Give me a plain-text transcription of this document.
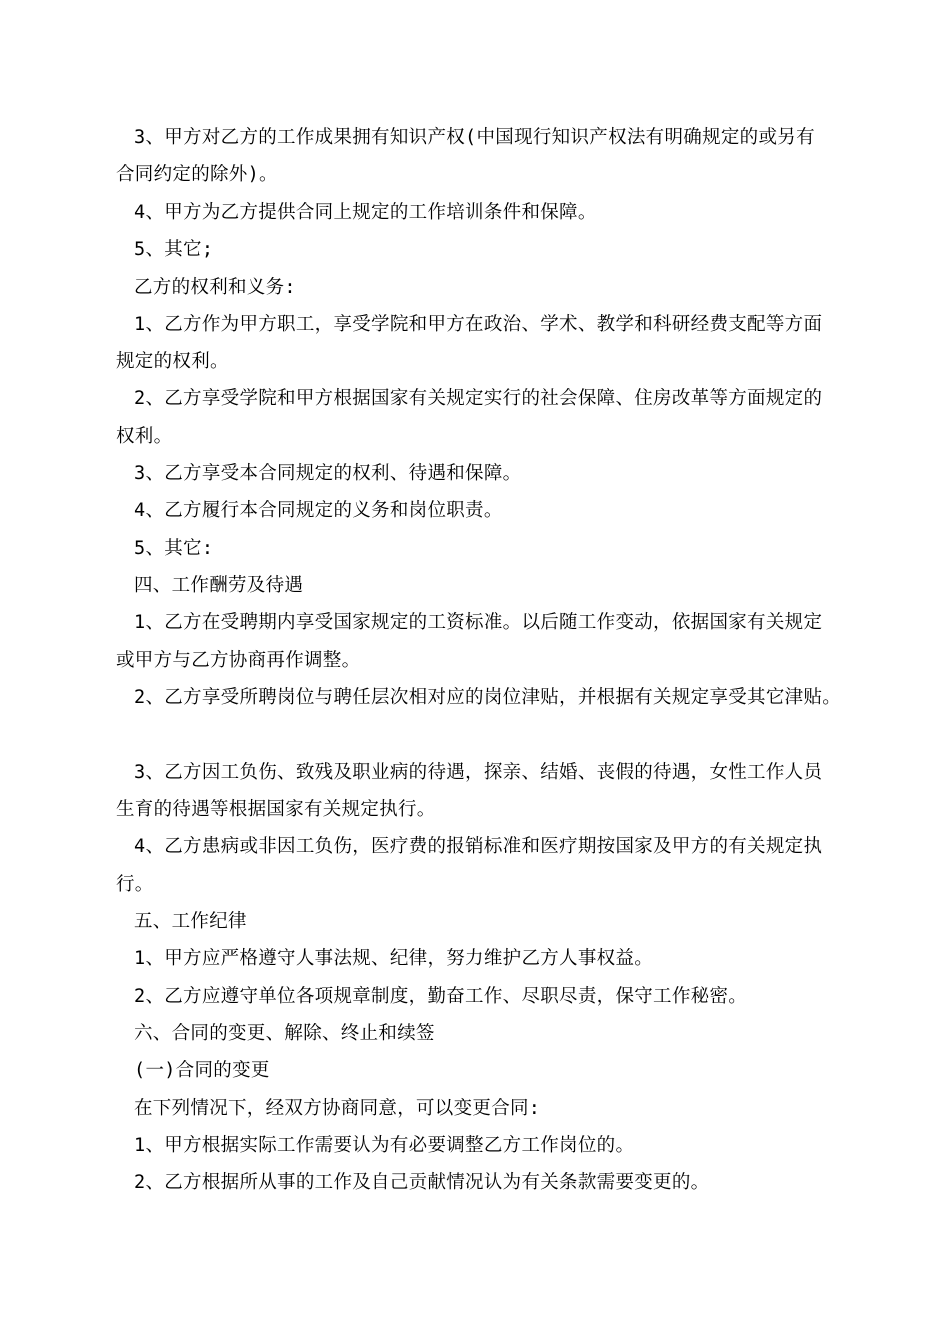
3、甲方对乙方的工作成果拥有知识产权(中国现行知识产权法有明确规定的或另有
合同约定的除外)。
4、甲方为乙方提供合同上规定的工作培训条件和保障。
5、其它;
乙方的权利和义务:
1、乙方作为甲方职工，享受学院和甲方在政治、学术、教学和科研经费支配等方面
规定的权利。
2、乙方享受学院和甲方根据国家有关规定实行的社会保障、住房改革等方面规定的
权利。
3、乙方享受本合同规定的权利、待遇和保障。
4、乙方履行本合同规定的义务和岗位职责。
5、其它:
四、工作酬劳及待遇
1、乙方在受聘期内享受国家规定的工资标准。以后随工作变动，依据国家有关规定
或甲方与乙方协商再作调整。
2、乙方享受所聘岗位与聘任层次相对应的岗位津贴，并根据有关规定享受其它津贴。
3、乙方因工负伤、致残及职业病的待遇，探亲、结婚、丧假的待遇，女性工作人员
生育的待遇等根据国家有关规定执行。
4、乙方患病或非因工负伤，医疗费的报销标准和医疗期按国家及甲方的有关规定执
行。
五、工作纪律
1、甲方应严格遵守人事法规、纪律，努力维护乙方人事权益。
2、乙方应遵守单位各项规章制度，勤奋工作、尽职尽责，保守工作秘密。
六、合同的变更、解除、终止和续签
(一)合同的变更
在下列情况下，经双方协商同意，可以变更合同:
1、甲方根据实际工作需要认为有必要调整乙方工作岗位的。
2、乙方根据所从事的工作及自己贡献情况认为有关条款需要变更的。
